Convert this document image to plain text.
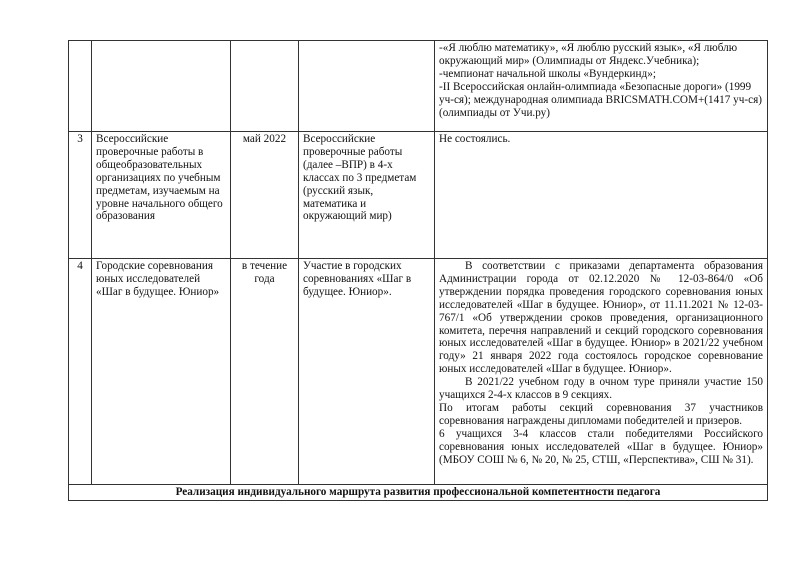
				-«Я люблю математику», «Я люблю русский язык», «Я люблю окружающий мир» (Олимпиады от Яндекс.Учебника);

-чемпионат начальной школы «Вундеркинд»;

-II Всероссийская онлайн-олимпиада «Безопасные дороги» (1999 уч-ся); международная олимпиада BRICSMATH.COM+(1417 уч-ся) (олимпиады от Учи.ру)

3	Всероссийские проверочные работы в общеобразовательных организациях по учебным предметам, изучаемым на уровне начального общего образования	май 2022	Всероссийские проверочные работы (далее –ВПР) в 4-х классах по 3 предметам (русский язык, математика и окружающий мир)	Не состоялись.
4	Городские соревнования юных исследователей «Шаг в будущее. Юниор»	в течение года	Участие в городских соревнованиях «Шаг в будущее. Юниор».	В соответствии с приказами департамента образования Администрации города от 02.12.2020 № 12-03-864/0 «Об утверждении порядка проведения городского соревнования юных исследователей «Шаг в будущее. Юниор», от 11.11.2021 № 12-03-767/1 «Об утверждении сроков проведения, организационного комитета, перечня направлений и секций городского соревнования юных исследователей «Шаг в будущее. Юниор» в 2021/22 учебном году» 21 января 2022 года состоялось городское соревнование юных исследователей «Шаг в будущее. Юниор».

В 2021/22 учебном году в очном туре приняли участие 150 учащихся 2-4-х классов в 9 секциях.

По итогам работы секций соревнования 37 участников соревнования награждены дипломами победителей и призеров.

6 учащихся 3-4 классов стали победителями Российского соревнования юных исследователей «Шаг в будущее. Юниор» (МБОУ СОШ № 6, № 20, № 25, СТШ, «Перспектива», СШ № 31).

Реализация индивидуального маршрута развития профессиональной компетентности педагога				
